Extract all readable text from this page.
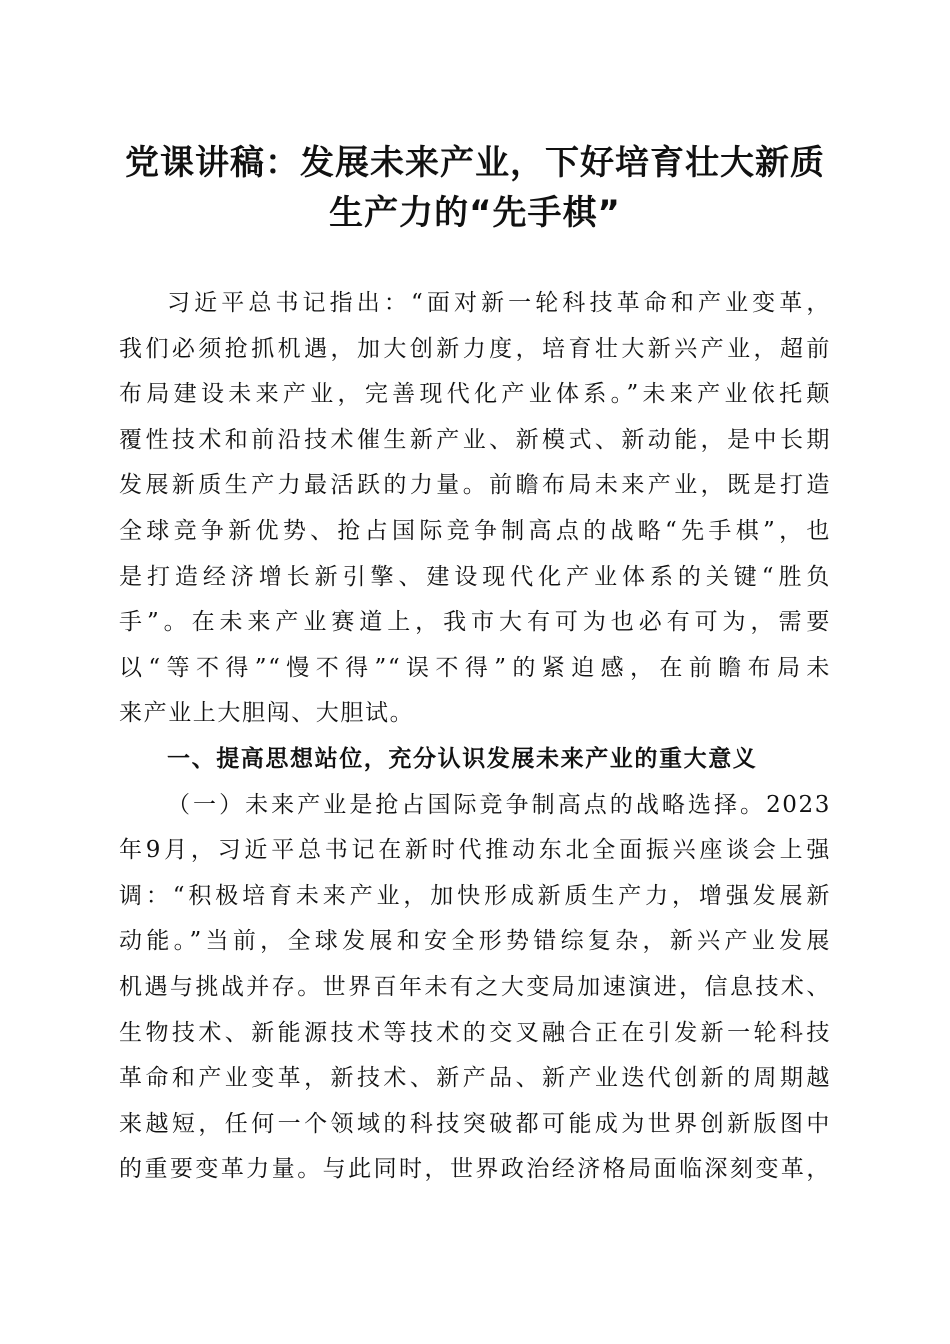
党课讲稿：发展未来产业，下好培育壮大新质
生产力的“先手棋”
习近平总书记指出：“面对新一轮科技革命和产业变革，
我们必须抢抓机遇，加大创新力度，培育壮大新兴产业，超前
布局建设未来产业，完善现代化产业体系。”未来产业依托颠
覆性技术和前沿技术催生新产业、新模式、新动能，是中长期
发展新质生产力最活跃的力量。前瞻布局未来产业，既是打造
全球竞争新优势、抢占国际竞争制高点的战略“先手棋”，也
是打造经济增长新引擎、建设现代化产业体系的关键“胜负
手”。在未来产业赛道上，我市大有可为也必有可为，需要
以“等不得”“慢不得”“误不得”的紧迫感，在前瞻布局未
来产业上大胆闯、大胆试。
一、提高思想站位，充分认识发展未来产业的重大意义
（一）未来产业是抢占国际竞争制高点的战略选择。2023
年9月，习近平总书记在新时代推动东北全面振兴座谈会上强
调：“积极培育未来产业，加快形成新质生产力，增强发展新
动能。”当前，全球发展和安全形势错综复杂，新兴产业发展
机遇与挑战并存。世界百年未有之大变局加速演进，信息技术、
生物技术、新能源技术等技术的交叉融合正在引发新一轮科技
革命和产业变革，新技术、新产品、新产业迭代创新的周期越
来越短，任何一个领域的科技突破都可能成为世界创新版图中
的重要变革力量。与此同时，世界政治经济格局面临深刻变革，
